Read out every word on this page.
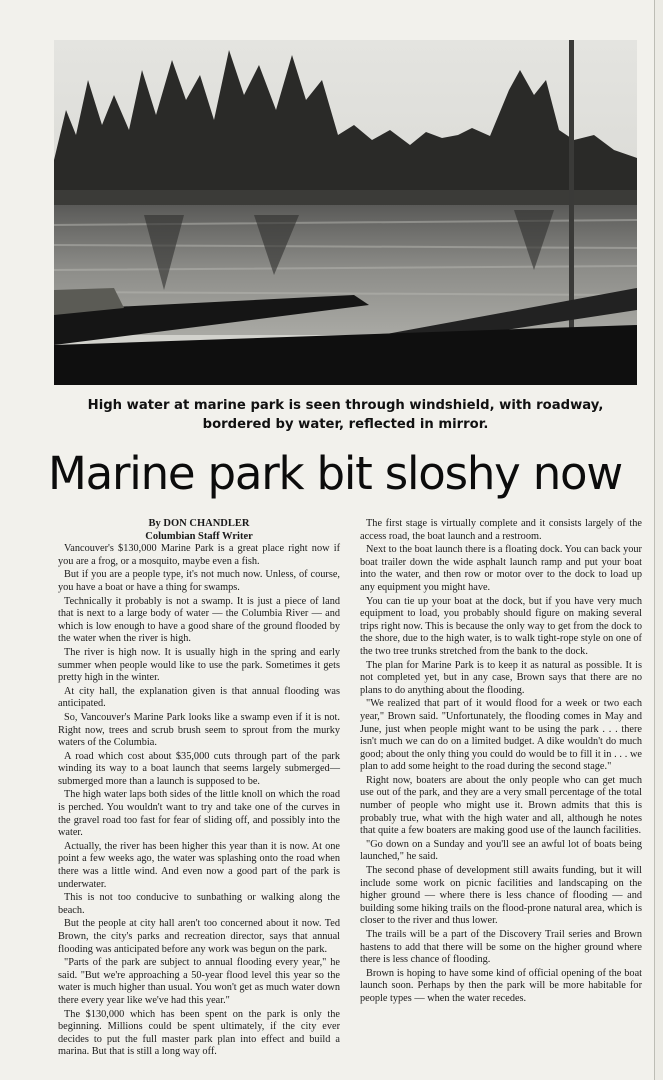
High water at marine park is seen through windshield, with roadway, bordered by water, reflected in mirror.
Marine park bit sloshy now
By DON CHANDLER
Columbian Staff Writer

Vancouver's $130,000 Marine Park is a great place right now if you are a frog, or a mosquito, maybe even a fish.

But if you are a people type, it's not much now. Unless, of course, you have a boat or have a thing for swamps.

Technically it probably is not a swamp. It is just a piece of land that is next to a large body of water — the Columbia River — and which is low enough to have a good share of the ground flooded by the water when the river is high.

The river is high now. It is usually high in the spring and early summer when people would like to use the park. Sometimes it gets pretty high in the winter.

At city hall, the explanation given is that annual flooding was anticipated.

So, Vancouver's Marine Park looks like a swamp even if it is not. Right now, trees and scrub brush seem to sprout from the murky waters of the Columbia.

A road which cost about $35,000 cuts through part of the park winding its way to a boat launch that seems largely submerged—submerged more than a launch is supposed to be.

The high water laps both sides of the little knoll on which the road is perched. You wouldn't want to try and take one of the curves in the gravel road too fast for fear of sliding off, and possibly into the water.

Actually, the river has been higher this year than it is now. At one point a few weeks ago, the water was splashing onto the road when there was a little wind. And even now a good part of the park is underwater.

This is not too conducive to sunbathing or walking along the beach.

But the people at city hall aren't too concerned about it now. Ted Brown, the city's parks and recreation director, says that annual flooding was anticipated before any work was begun on the park.

"Parts of the park are subject to annual flooding every year," he said. "But we're approaching a 50-year flood level this year so the water is much higher than usual. You won't get as much water down there every year like we've had this year."

The $130,000 which has been spent on the park is only the beginning. Millions could be spent ultimately, if the city ever decides to put the full master park plan into effect and build a marina. But that is still a long way off.

The first stage is virtually complete and it consists largely of the access road, the boat launch and a restroom.

Next to the boat launch there is a floating dock. You can back your boat trailer down the wide asphalt launch ramp and put your boat into the water, and then row or motor over to the dock to load up any equipment you might have.

You can tie up your boat at the dock, but if you have very much equipment to load, you probably should figure on making several trips right now. This is because the only way to get from the dock to the shore, due to the high water, is to walk tight-rope style on one of the two tree trunks stretched from the bank to the dock.

The plan for Marine Park is to keep it as natural as possible. It is not completed yet, but in any case, Brown says that there are no plans to do anything about the flooding.

"We realized that part of it would flood for a week or two each year," Brown said. "Unfortunately, the flooding comes in May and June, just when people might want to be using the park . . . there isn't much we can do on a limited budget. A dike wouldn't do much good; about the only thing you could do would be to fill it in . . . we plan to add some height to the road during the second stage."

Right now, boaters are about the only people who can get much use out of the park, and they are a very small percentage of the total number of people who might use it. Brown admits that this is probably true, what with the high water and all, although he notes that quite a few boaters are making good use of the launch facilities.

"Go down on a Sunday and you'll see an awful lot of boats being launched," he said.

The second phase of development still awaits funding, but it will include some work on picnic facilities and landscaping on the higher ground — where there is less chance of flooding — and building some hiking trails on the flood-prone natural area, which is closer to the river and thus lower.

The trails will be a part of the Discovery Trail series and Brown hastens to add that there will be some on the higher ground where there is less chance of flooding.

Brown is hoping to have some kind of official opening of the boat launch soon. Perhaps by then the park will be more habitable for people types — when the water recedes.
